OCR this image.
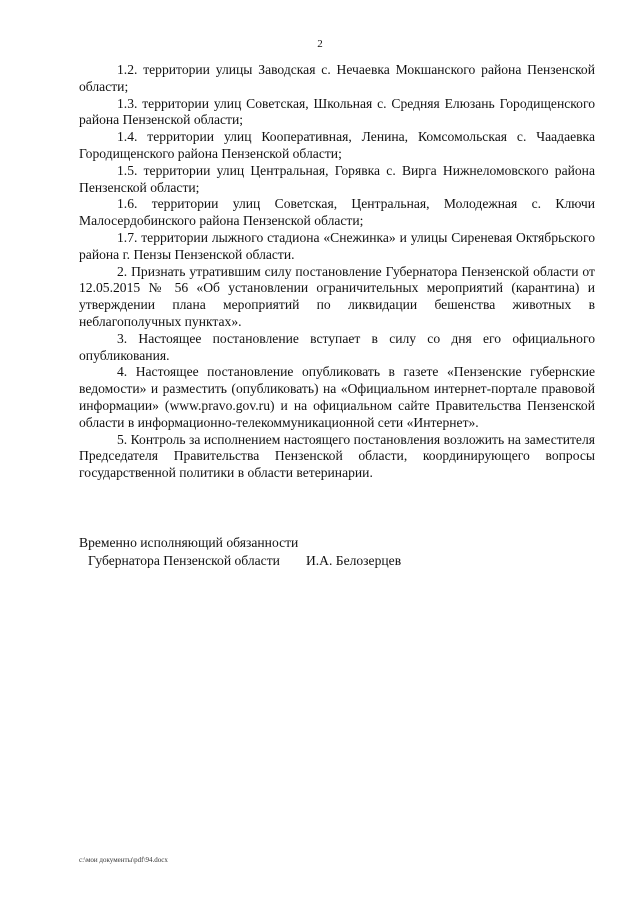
2

1.2. территории улицы Заводская с. Нечаевка Мокшанского района Пензенской области;

1.3. территории улиц Советская, Школьная с. Средняя Елюзань Городищенского района Пензенской области;

1.4. территории улиц Кооперативная, Ленина, Комсомольская с. Чаадаевка Городищенского района Пензенской области;

1.5. территории улиц Центральная, Горявка с. Вирга Нижнеломовского района Пензенской области;

1.6. территории улиц Советская, Центральная, Молодежная с. Ключи Малосердобинского района Пензенской области;

1.7. территории лыжного стадиона «Снежинка» и улицы Сиреневая Октябрьского района г. Пензы Пензенской области.

2. Признать утратившим силу постановление Губернатора Пензенской области от 12.05.2015 № 56 «Об установлении ограничительных мероприятий (карантина) и утверждении плана мероприятий по ликвидации бешенства животных в неблагополучных пунктах».

3. Настоящее постановление вступает в силу со дня его официального опубликования.

4. Настоящее постановление опубликовать в газете «Пензенские губернские ведомости» и разместить (опубликовать) на «Официальном интернет-портале правовой информации» (www.pravo.gov.ru) и на официальном сайте Правительства Пензенской области в информационно-телекоммуникационной сети «Интернет».

5. Контроль за исполнением настоящего постановления возложить на заместителя Председателя Правительства Пензенской области, координирующего вопросы государственной политики в области ветеринарии.

Временно исполняющий обязанности
Губернатора Пензенской области И.А. Белозерцев
c:\мои документы\pdf\94.docx
